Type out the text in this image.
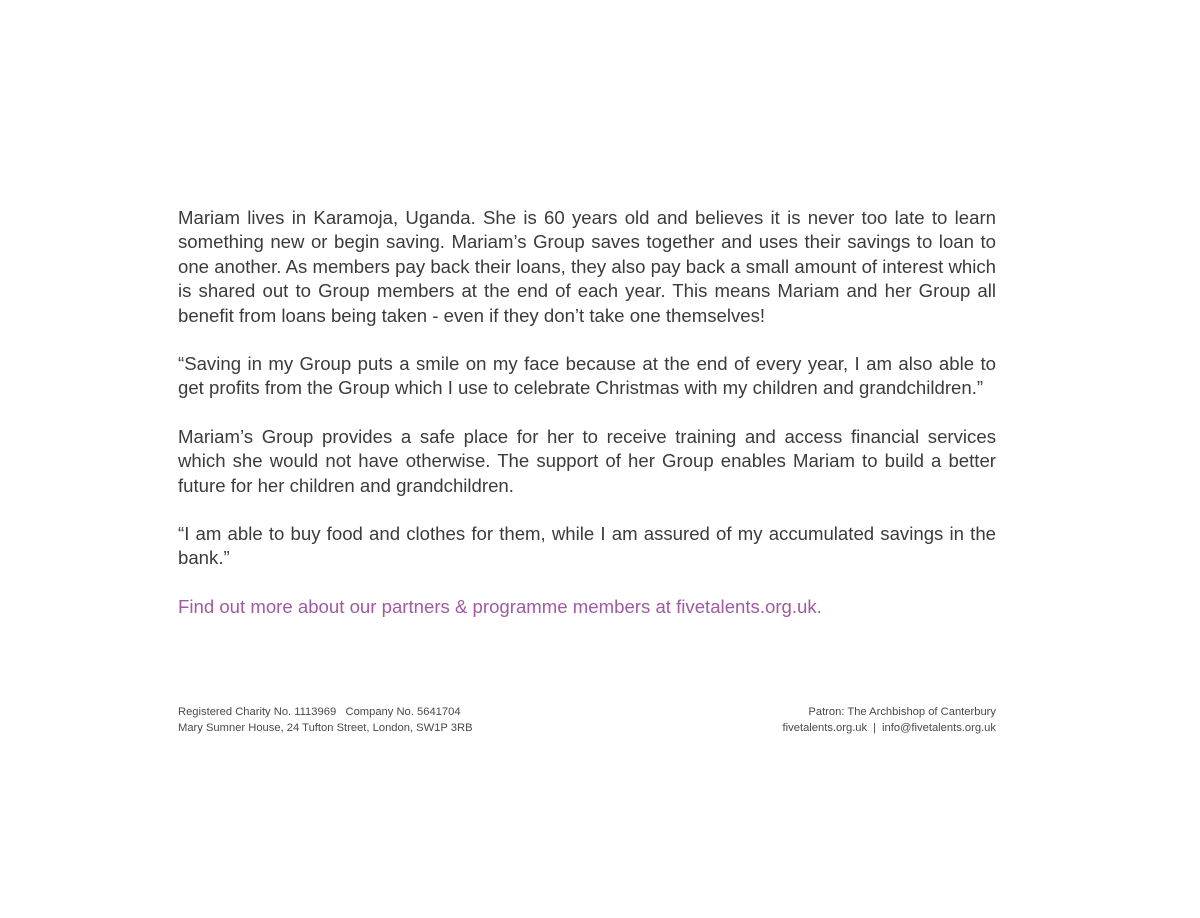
Mariam lives in Karamoja, Uganda. She is 60 years old and believes it is never too late to learn something new or begin saving. Mariam’s Group saves together and uses their savings to loan to one another. As members pay back their loans, they also pay back a small amount of interest which is shared out to Group members at the end of each year. This means Mariam and her Group all benefit from loans being taken - even if they don’t take one themselves!

“Saving in my Group puts a smile on my face because at the end of every year, I am also able to get profits from the Group which I use to celebrate Christmas with my children and grandchildren.”

Mariam’s Group provides a safe place for her to receive training and access financial services which she would not have otherwise. The support of her Group enables Mariam to build a better future for her children and grandchildren.

“I am able to buy food and clothes for them, while I am assured of my accumulated savings in the bank.”

Find out more about our partners & programme members at fivetalents.org.uk.
Registered Charity No. 1113969   Company No. 5641704
Mary Sumner House, 24 Tufton Street, London, SW1P 3RB
Patron: The Archbishop of Canterbury
fivetalents.org.uk | info@fivetalents.org.uk
